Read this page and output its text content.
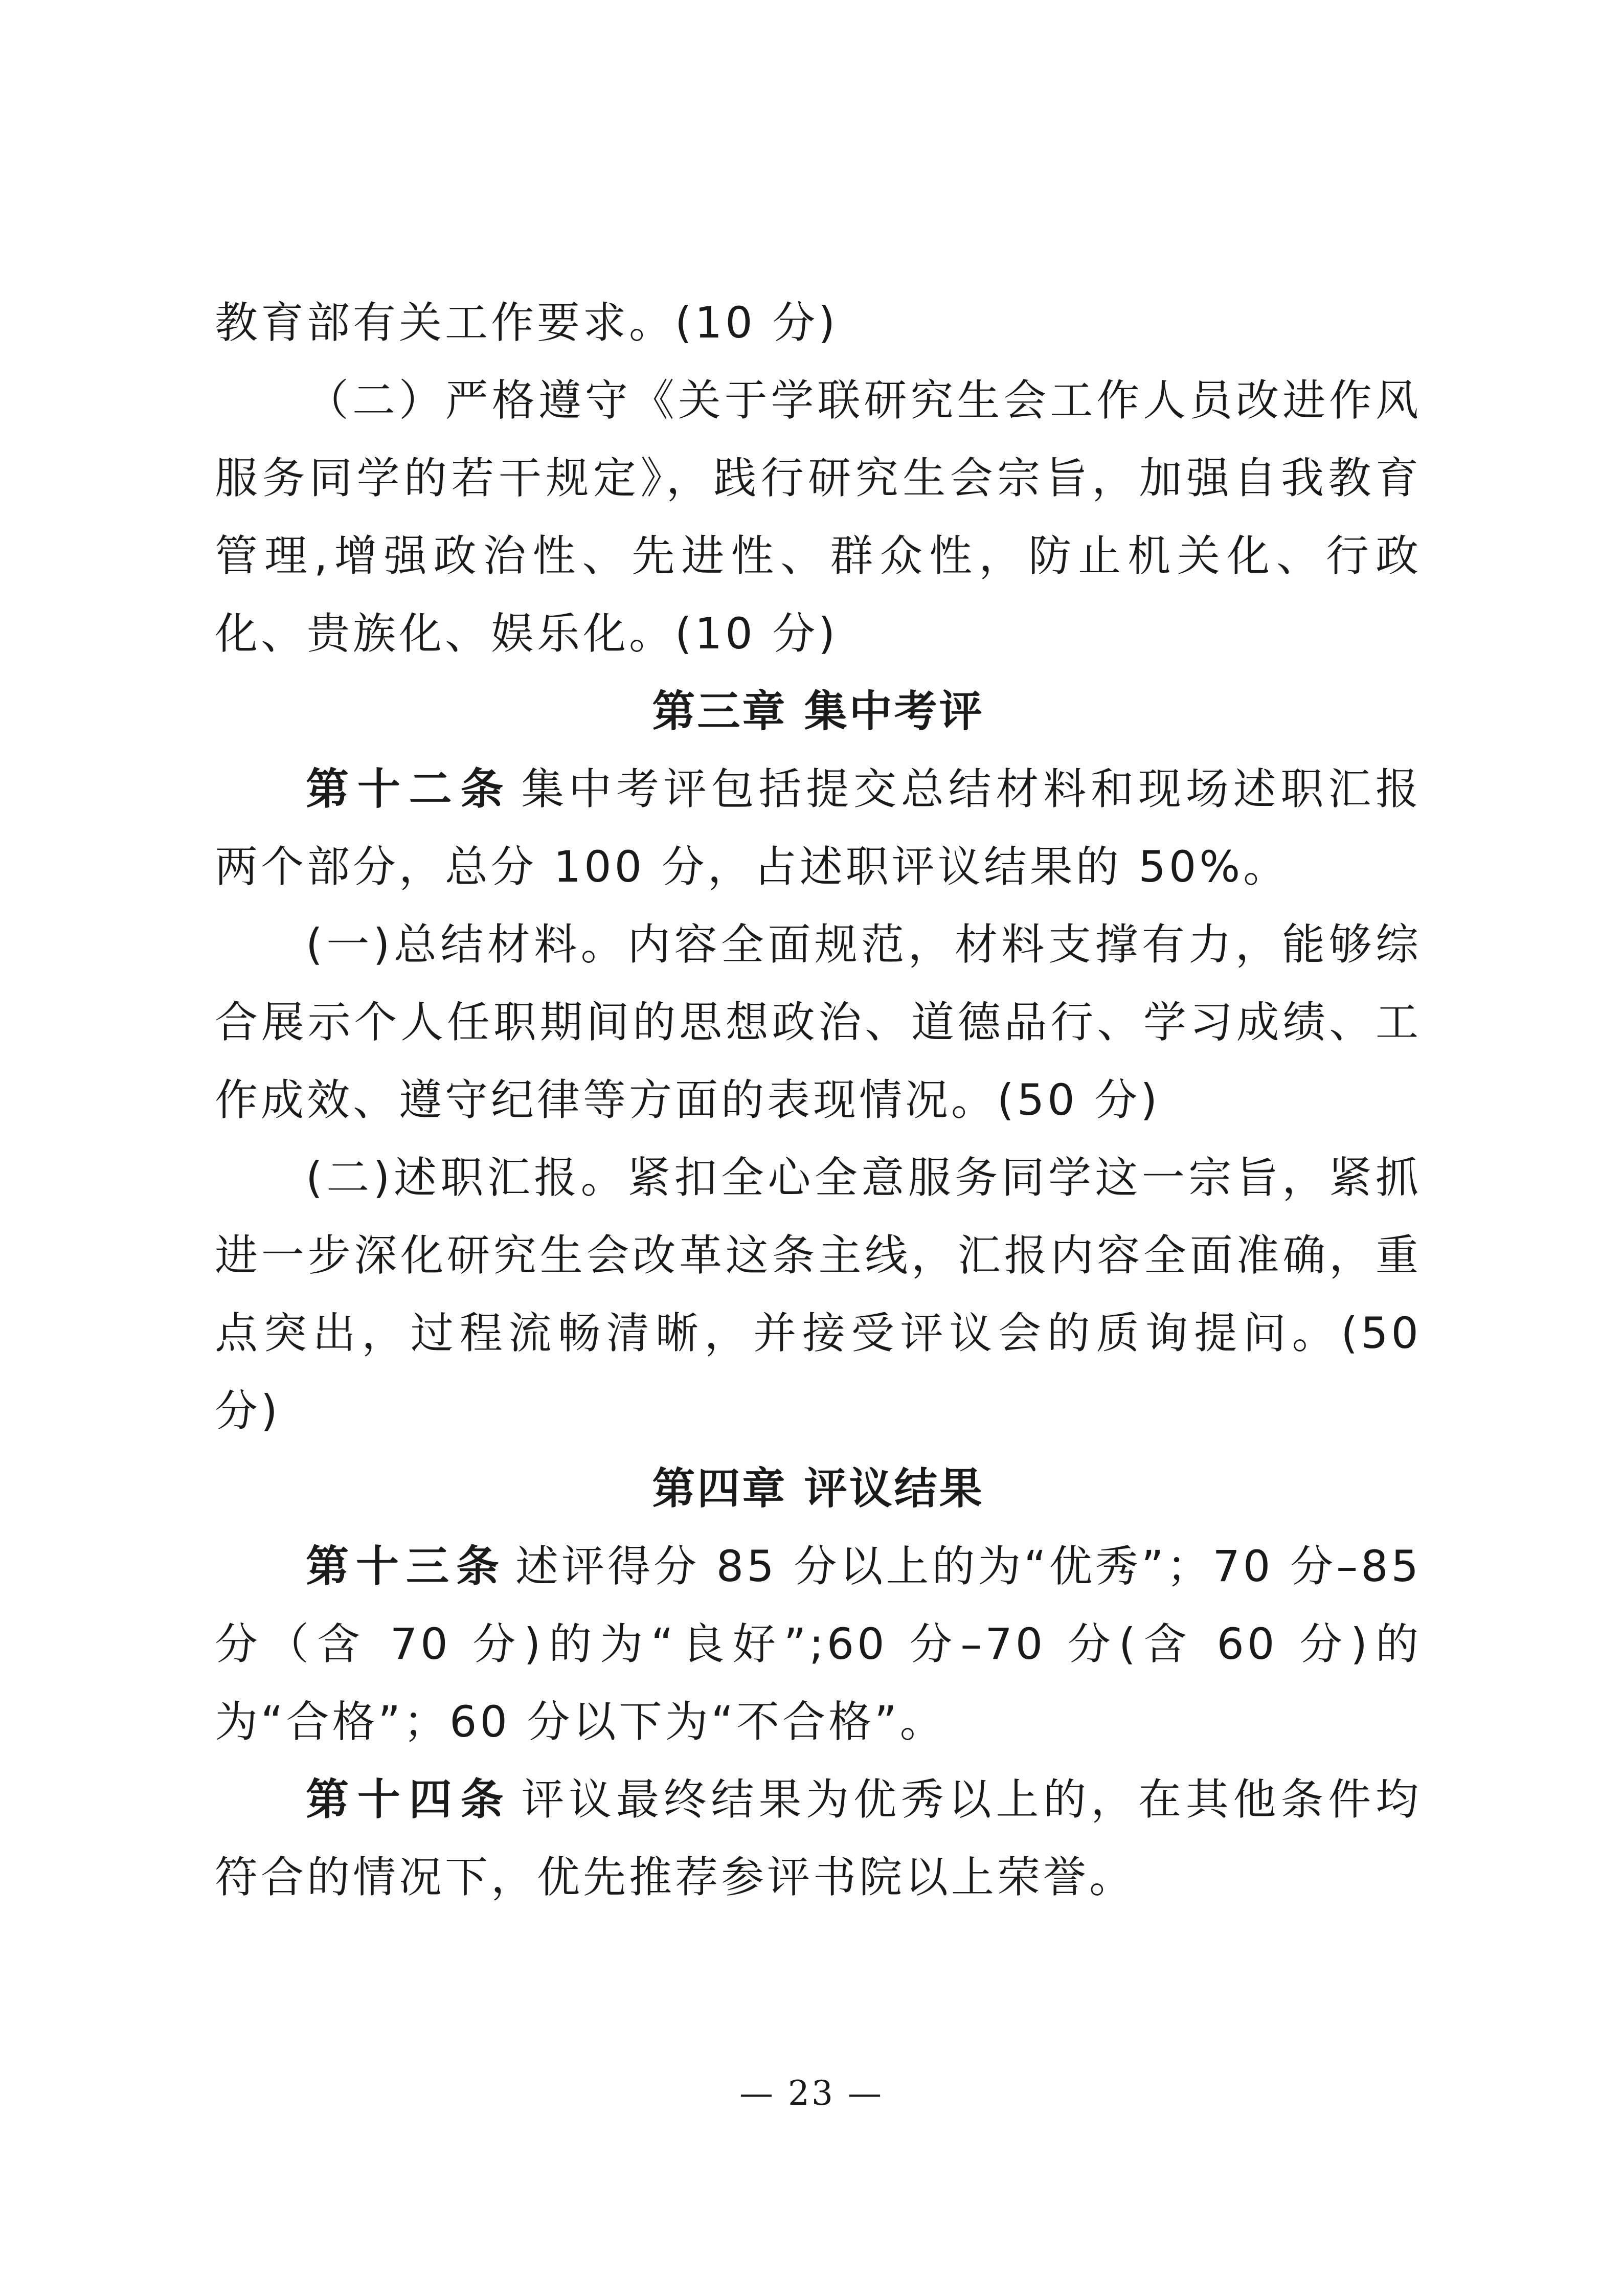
教育部有关工作要求。(10 分)

（二）严格遵守《关于学联研究生会工作人员改进作风服务同学的若干规定》，践行研究生会宗旨，加强自我教育管理,增强政治性、先进性、群众性，防止机关化、行政化、贵族化、娱乐化。(10 分)

第三章 集中考评

第十二条 集中考评包括提交总结材料和现场述职汇报两个部分，总分 100 分，占述职评议结果的 50%。

(一)总结材料。内容全面规范，材料支撑有力，能够综合展示个人任职期间的思想政治、道德品行、学习成绩、工作成效、遵守纪律等方面的表现情况。(50 分)

(二)述职汇报。紧扣全心全意服务同学这一宗旨，紧抓进一步深化研究生会改革这条主线，汇报内容全面准确，重点突出，过程流畅清晰，并接受评议会的质询提问。(50 分)

第四章 评议结果

第十三条 述评得分 85 分以上的为“优秀”；70 分–85 分（含 70 分)的为“良好”;60 分–70 分(含 60 分)的为“合格”；60 分以下为“不合格”。

第十四条 评议最终结果为优秀以上的，在其他条件均符合的情况下，优先推荐参评书院以上荣誉。

— 23 —
